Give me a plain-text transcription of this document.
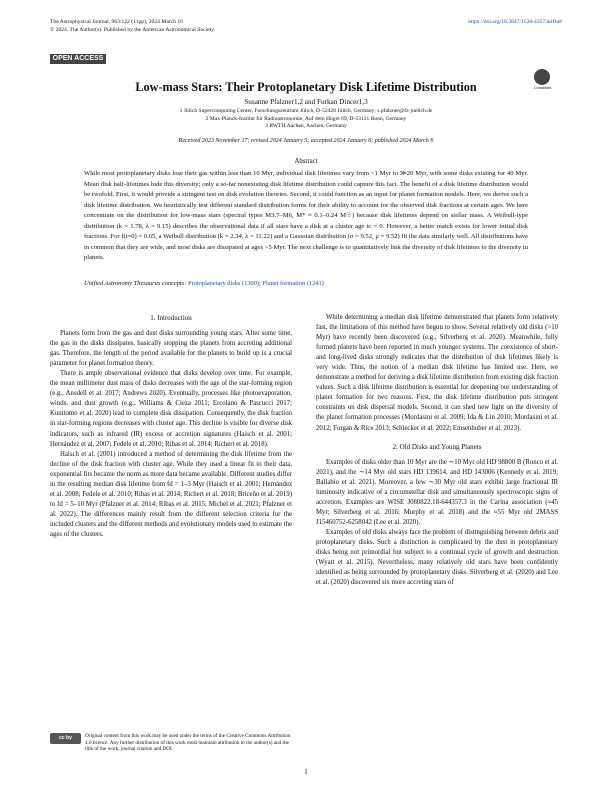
The Astrophysical Journal, 963:122 (11pp), 2024 March 10	https://doi.org/10.3847/1538-4357/ad1bef
© 2024. The Author(s). Published by the American Astronomical Society.
OPEN ACCESS
CrossMark
Low-mass Stars: Their Protoplanetary Disk Lifetime Distribution
Susanne Pfalzner1,2 and Furkan Dincer1,3
1 Jülich Supercomputing Center, Forschungszentrum Jülich, D-52428 Jülich, Germany; s.pfalzner@fz-juelich.de
2 Max-Planck-Institut für Radioastronomie, Auf dem Hügel 69, D-53121 Bonn, Germany
3 RWTH Aachen, Aachen, Germany
Received 2023 November 17; revised 2024 January 5; accepted 2024 January 6; published 2024 March 6
Abstract
While most protoplanetary disks lose their gas within less than 10 Myr, individual disk lifetimes vary from <1 Myr to ≫20 Myr, with some disks existing for 40 Myr. Mean disk half-lifetimes hide this diversity; only a so-far nonexisting disk lifetime distribution could capture this fact. The benefit of a disk lifetime distribution would be twofold. First, it would provide a stringent test on disk evolution theories. Second, it could function as an input for planet formation models. Here, we derive such a disk lifetime distribution. We heuristically test different standard distribution forms for their ability to account for the observed disk fractions at certain ages. We here concentrate on the distribution for low-mass stars (spectral types M3.7–M6, M* ≈ 0.1–0.24 M☉) because disk lifetimes depend on stellar mass. A Weibull-type distribution (k = 1.78, λ = 9.15) describes the observational data if all stars have a disk at a cluster age tc = 0. However, a better match exists for lower initial disk fractions. For f(t=0) = 0.65, a Weibull distribution (k = 2.34, λ = 11.22) and a Gaussian distribution (σ = 9.52, μ = 9.52) fit the data similarly well. All distributions have in common that they are wide, and most disks are dissipated at ages >5 Myr. The next challenge is to quantitatively link the diversity of disk lifetimes to the diversity in planets.
Unified Astronomy Thesaurus concepts: Protoplanetary disks (1300); Planet formation (1241)
1. Introduction

Planets form from the gas and dust disks surrounding young stars. After some time, the gas in the disks dissipates, basically stopping the planets from accreting additional gas. Therefore, the length of the period available for the planets to build up is a crucial parameter for planet formation theory.

There is ample observational evidence that disks develop over time. For example, the mean millimeter dust mass of disks decreases with the age of the star-forming region (e.g., Ansdell et al. 2017; Andrews 2020). Eventually, processes like photoevaporation, winds, and dust growth (e.g., Williams & Cieza 2011; Ercolano & Pascucci 2017; Kunitomo et al. 2020) lead to complete disk dissipation. Consequently, the disk fraction in star-forming regions decreases with cluster age. This decline is visible for diverse disk indicators, such as infrared (IR) excess or accretion signatures (Haisch et al. 2001; Hernández et al. 2007; Fedele et al. 2010; Ribas et al. 2014; Richert et al. 2018).

Haisch et al. (2001) introduced a method of determining the disk lifetime from the decline of the disk fraction with cluster age. While they used a linear fit to their data, exponential fits became the norm as more data became available. Different studies differ in the resulting median disk lifetime from fd = 1–3 Myr (Haisch et al. 2001; Hernández et al. 2008; Fedele et al. 2010; Ribas et al. 2014; Richert et al. 2018; Briceño et al. 2019) to fd = 5–10 Myr (Pfalzner et al. 2014; Ribas et al. 2015; Michel et al. 2021; Pfalzner et al. 2022). The differences mainly result from the different selection criteria for the included clusters and the different methods and evolutionary models used to estimate the ages of the clusters.

While determining a median disk lifetime demonstrated that planets form relatively fast, the limitations of this method have begun to show. Several relatively old disks (>10 Myr) have recently been discovered (e.g., Silverberg et al. 2020). Meanwhile, fully formed planets have been reported in much younger systems. The coexistence of short- and long-lived disks strongly indicates that the distribution of disk lifetimes likely is very wide. Thus, the notion of a median disk lifetime has limited use. Here, we demonstrate a method for deriving a disk lifetime distribution from existing disk fraction values. Such a disk lifetime distribution is essential for deepening our understanding of planet formation for two reasons. First, the disk lifetime distribution puts stringent constraints on disk dispersal models. Second, it can shed new light on the diversity of the planet formation processes (Mordasini et al. 2009; Ida & Lin 2010; Mordasini et al. 2012; Forgan & Rice 2013; Schlecker et al. 2022; Emsenhuber et al. 2023).

2. Old Disks and Young Planets

Examples of disks older than 10 Myr are the ∼10 Myr old HD 98800 B (Ronco et al. 2021), and the ∼14 Myr old stars HD 139614, and HD 143006 (Kennedy et al. 2019; Ballabio et al. 2021). Moreover, a few ∼30 Myr old stars exhibit large fractional IR luminosity indicative of a circumstellar disk and simultaneously spectroscopic signs of accretion. Examples are WISE J080822.18-644357.3 in the Carina association (≈45 Myr; Silverberg et al. 2016; Murphy et al. 2018) and the ≈55 Myr old 2MASS J15460752-6258042 (Lee et al. 2020).

Examples of old disks always face the problem of distinguishing between debris and protoplanetary disks. Such a distinction is complicated by the dust in protoplanetary disks being not primordial but subject to a continual cycle of growth and destruction (Wyatt et al. 2015). Nevertheless, many relatively old stars have been confidently identified as being surrounded by protoplanetary disks. Silverberg et al. (2020) and Lee et al. (2020) discovered six more accreting stars of

cc by	Original content from this work may be used under the terms of the Creative Commons Attribution 4.0 licence. Any further distribution of this work must maintain attribution to the author(s) and the title of the work, journal citation and DOI.
1
